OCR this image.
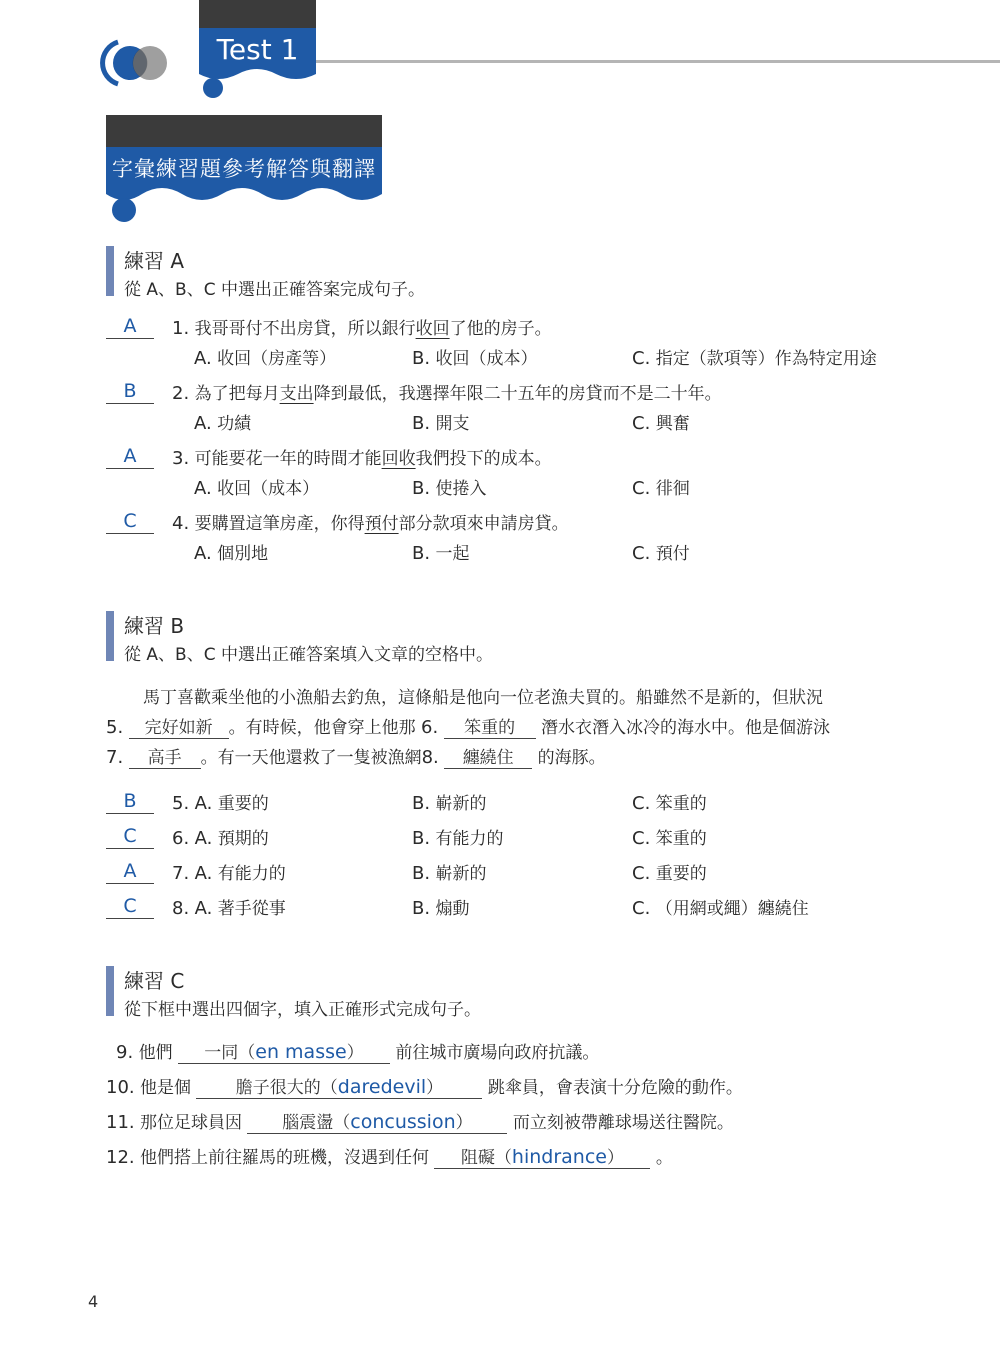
Test 1
字彙練習題參考解答與翻譯
練習 A
從 A、B、C 中選出正確答案完成句子。
A	1. 我哥哥付不出房貸，所以銀行收回了他的房子。
A. 收回（房產等）	B. 收回（成本）	C. 指定（款項等）作為特定用途
B	2. 為了把每月支出降到最低，我選擇年限二十五年的房貸而不是二十年。
A. 功績	B. 開支	C. 興奮
A	3. 可能要花一年的時間才能回收我們投下的成本。
A. 收回（成本）	B. 使捲入	C. 徘徊
C	4. 要購置這筆房產，你得預付部分款項來申請房貸。
A. 個別地	B. 一起	C. 預付
練習 B
從 A、B、C 中選出正確答案填入文章的空格中。
馬丁喜歡乘坐他的小漁船去釣魚，這條船是他向一位老漁夫買的。船雖然不是新的，但狀況
5. 完好如新 。有時候，他會穿上他那 6. 笨重的 潛水衣潛入冰冷的海水中。他是個游泳
7. 高手 。有一天他還救了一隻被漁網8. 纏繞住 的海豚。
B	5. A. 重要的	B. 嶄新的	C. 笨重的
C	6. A. 預期的	B. 有能力的	C. 笨重的
A	7. A. 有能力的	B. 嶄新的	C. 重要的
C	8. A. 著手從事	B. 煽動	C. （用網或繩）纏繞住
練習 C
從下框中選出四個字，填入正確形式完成句子。
9. 他們 一同（en masse） 前往城市廣場向政府抗議。
10. 他是個	膽子很大的（daredevil）	跳傘員，會表演十分危險的動作。
11. 那位足球員因 腦震盪（concussion） 而立刻被帶離球場送往醫院。
12. 他們搭上前往羅馬的班機，沒遇到任何 阻礙（hindrance） 。
4
